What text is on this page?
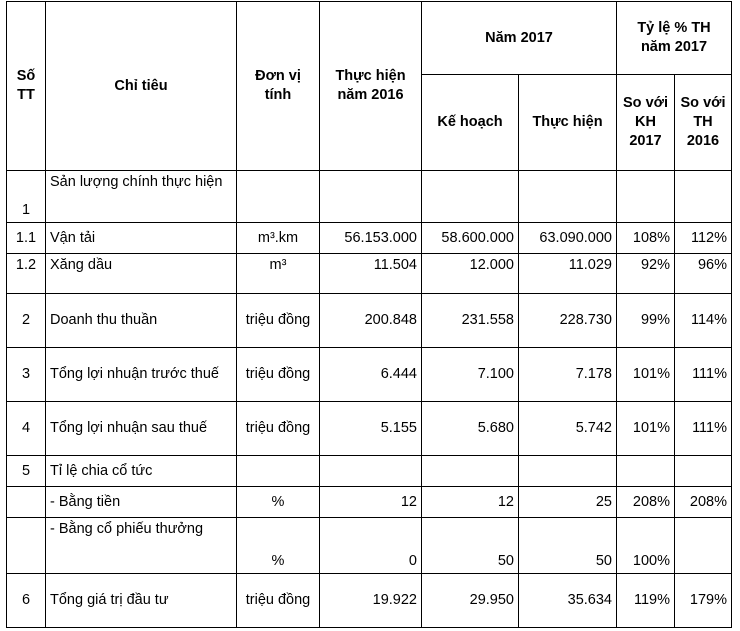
Số TT	Chỉ tiêu	Đơn vị tính	Thực hiện năm 2016	Năm 2017		Tỷ lệ % TH năm 2017	
				Kế hoạch	Thực hiện	So với KH 2017	So với TH 2016
1	Sản lượng chính thực hiện						
1.1	Vận tải	m³.km	56.153.000	58.600.000	63.090.000	108%	112%
1.2	Xăng dầu	m³	11.504	12.000	11.029	92%	96%
2	Doanh thu thuần	triệu đồng	200.848	231.558	228.730	99%	114%
3	Tổng lợi nhuận trước thuế	triệu đồng	6.444	7.100	7.178	101%	111%
4	Tổng lợi nhuận sau thuế	triệu đồng	5.155	5.680	5.742	101%	111%
5	Tỉ lệ chia cổ tức						
	- Bằng tiền	%	12	12	25	208%	208%
	- Bằng cổ phiếu thưởng	%	0	50	50	100%	
6	Tổng giá trị đầu tư	triệu đồng	19.922	29.950	35.634	119%	179%
